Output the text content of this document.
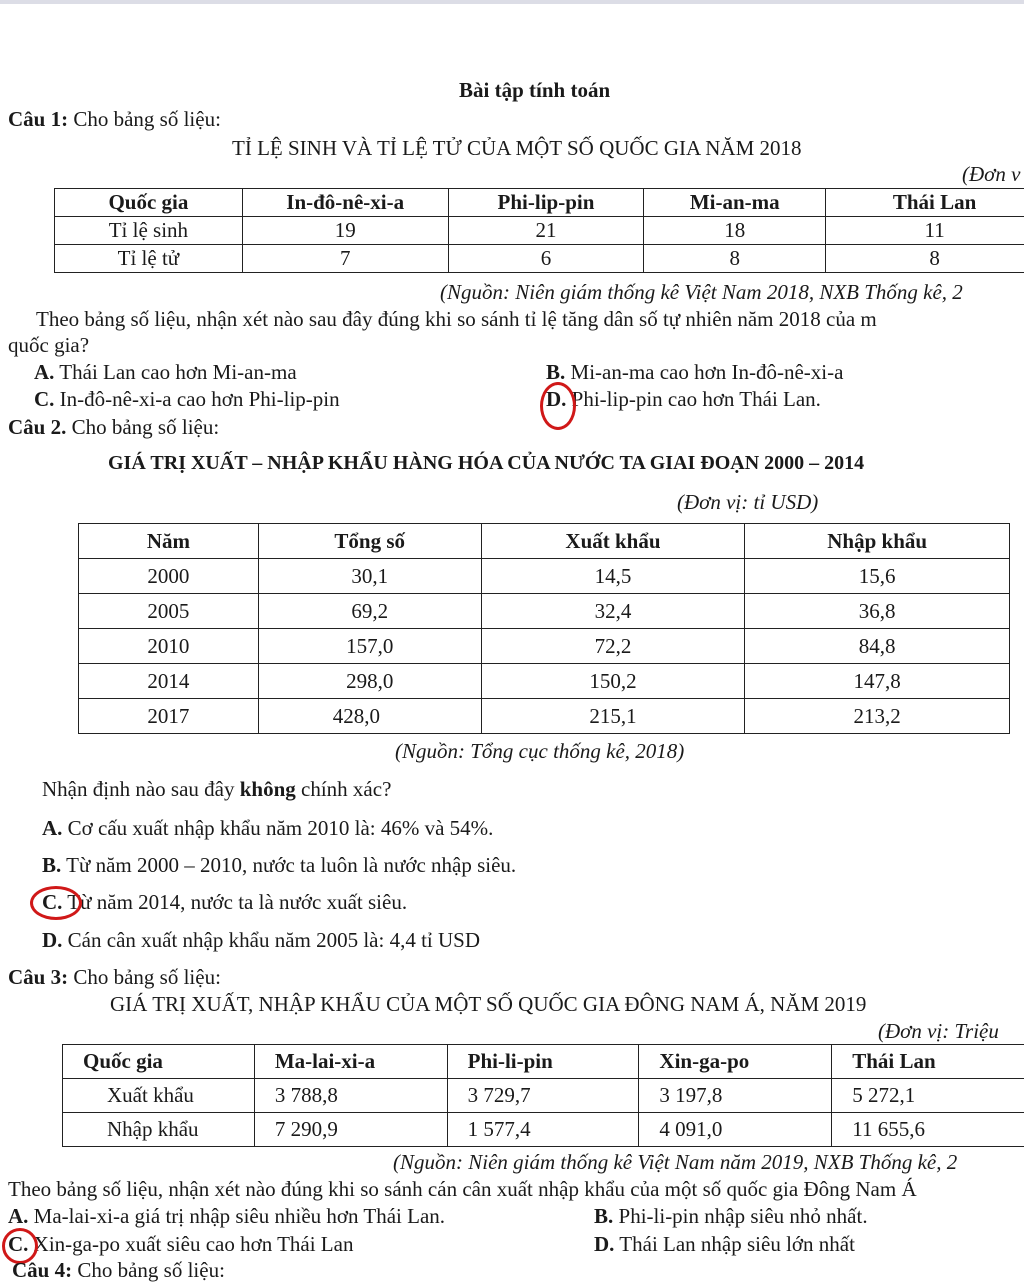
Bài tập tính toán
Câu 1: Cho bảng số liệu:
TỈ LỆ SINH VÀ TỈ LỆ TỬ CỦA MỘT SỐ QUỐC GIA NĂM 2018
(Đơn v
Quốc gia	In-đô-nê-xi-a	Phi-lip-pin	Mi-an-ma	Thái Lan
Tỉ lệ sinh	19	21	18	11
Tỉ lệ tử	7	6	8	8
(Nguồn: Niên giám thống kê Việt Nam 2018, NXB Thống kê, 2
Theo bảng số liệu, nhận xét nào sau đây đúng khi so sánh tỉ lệ tăng dân số tự nhiên năm 2018 của m
quốc gia?
A. Thái Lan cao hơn Mi-an-ma	B. Mi-an-ma cao hơn In-đô-nê-xi-a
C. In-đô-nê-xi-a cao hơn Phi-lip-pin	D. Phi-lip-pin cao hơn Thái Lan.
Câu 2. Cho bảng số liệu:
GIÁ TRỊ XUẤT – NHẬP KHẨU HÀNG HÓA CỦA NƯỚC TA GIAI ĐOẠN 2000 – 2014
(Đơn vị: tỉ USD)
Năm	Tổng số	Xuất khẩu	Nhập khẩu
2000	30,1	14,5	15,6
2005	69,2	32,4	36,8
2010	157,0	72,2	84,8
2014	298,0	150,2	147,8
2017	428,0	215,1	213,2
(Nguồn: Tổng cục thống kê, 2018)
Nhận định nào sau đây không chính xác?
A. Cơ cấu xuất nhập khẩu năm 2010 là: 46% và 54%.
B. Từ năm 2000 – 2010, nước ta luôn là nước nhập siêu.
C. Từ năm 2014, nước ta là nước xuất siêu.
D. Cán cân xuất nhập khẩu năm 2005 là: 4,4 tỉ USD
Câu 3: Cho bảng số liệu:
GIÁ TRỊ XUẤT, NHẬP KHẨU CỦA MỘT SỐ QUỐC GIA ĐÔNG NAM Á, NĂM 2019
(Đơn vị: Triệu
Quốc gia	Ma-lai-xi-a	Phi-li-pin	Xin-ga-po	Thái Lan
Xuất khẩu	3 788,8	3 729,7	3 197,8	5 272,1
Nhập khẩu	7 290,9	1 577,4	4 091,0	11 655,6
(Nguồn: Niên giám thống kê Việt Nam năm 2019, NXB Thống kê, 2
Theo bảng số liệu, nhận xét nào đúng khi so sánh cán cân xuất nhập khẩu của một số quốc gia Đông Nam Á
A. Ma-lai-xi-a giá trị nhập siêu nhiều hơn Thái Lan.	B. Phi-li-pin nhập siêu nhỏ nhất.
C. Xin-ga-po xuất siêu cao hơn Thái Lan	D. Thái Lan nhập siêu lớn nhất
Câu 4: Cho bảng số liệu:
